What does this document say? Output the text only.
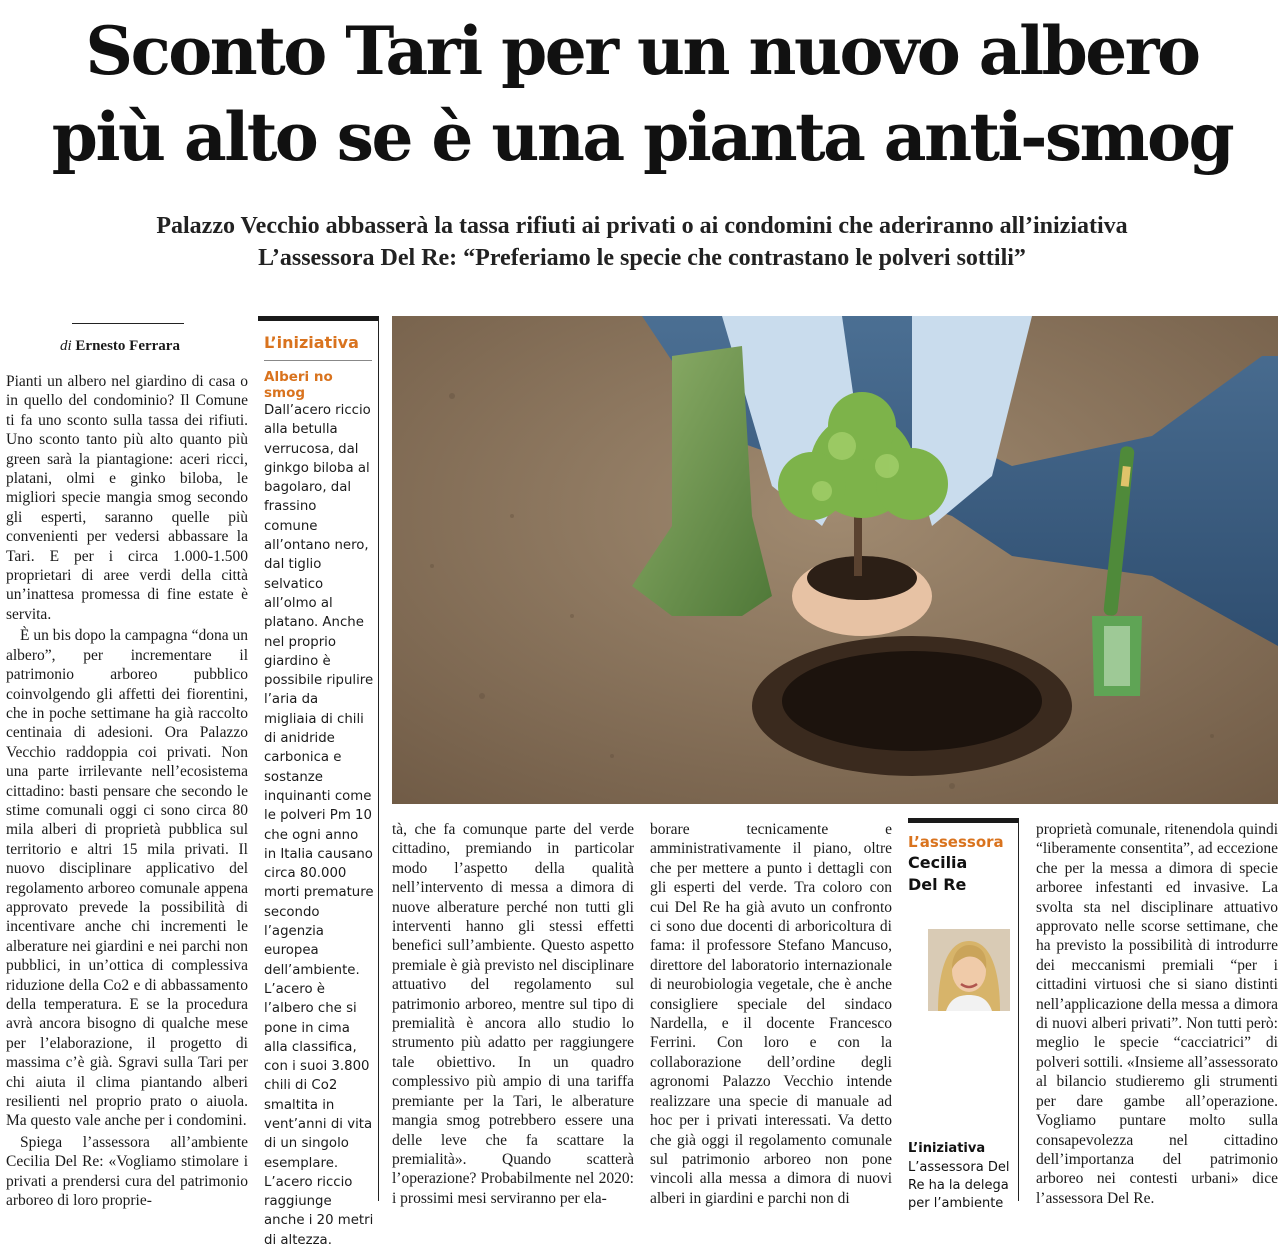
Sconto Tari per un nuovo albero
più alto se è una pianta anti-smog
Palazzo Vecchio abbasserà la tassa rifiuti ai privati o ai condomini che aderiranno all’iniziativa
L’assessora Del Re: “Preferiamo le specie che contrastano le polveri sottili”
di Ernesto Ferrara

Pianti un albero nel giardino di casa o in quello del condominio? Il Comune ti fa uno sconto sulla tassa dei rifiuti. Uno sconto tanto più alto quanto più green sarà la piantagione: aceri ricci, platani, olmi e ginko biloba, le migliori specie mangia smog secondo gli esperti, saranno quelle più convenienti per vedersi abbassare la Tari. E per i circa 1.000-1.500 proprietari di aree verdi della città un’inattesa promessa di fine estate è servita.

È un bis dopo la campagna “dona un albero”, per incrementare il patrimonio arboreo pubblico coinvolgendo gli affetti dei fiorentini, che in poche settimane ha già raccolto centinaia di adesioni. Ora Palazzo Vecchio raddoppia coi privati. Non una parte irrilevante nell’ecosistema cittadino: basti pensare che secondo le stime comunali oggi ci sono circa 80 mila alberi di proprietà pubblica sul territorio e altri 15 mila privati. Il nuovo disciplinare applicativo del regolamento arboreo comunale appena approvato prevede la possibilità di incentivare anche chi incrementi le alberature nei giardini e nei parchi non pubblici, in un’ottica di complessiva riduzione della Co2 e di abbassamento della temperatura. E se la procedura avrà ancora bisogno di qualche mese per l’elaborazione, il progetto di massima c’è già. Sgravi sulla Tari per chi aiuta il clima piantando alberi resilienti nel proprio prato o aiuola. Ma questo vale anche per i condomini.

Spiega l’assessora all’ambiente Cecilia Del Re: «Vogliamo stimolare i privati a prendersi cura del patrimonio arboreo di loro proprie-

L’iniziativa
Alberi no smog
Dall’acero riccio alla betulla verrucosa, dal ginkgo biloba al bagolaro, dal frassino comune all’ontano nero, dal tiglio selvatico all’olmo al platano. Anche nel proprio giardino è possibile ripulire l’aria da migliaia di chili di anidride carbonica e sostanze inquinanti come le polveri Pm 10 che ogni anno in Italia causano circa 80.000 morti premature secondo l’agenzia europea dell’ambiente. L’acero è l’albero che si pone in cima alla classifica, con i suoi 3.800 chili di Co2 smaltita in vent’anni di vita di un singolo esemplare. L’acero riccio raggiunge anche i 20 metri di altezza.

tà, che fa comunque parte del verde cittadino, premiando in particolar modo l’aspetto della qualità nell’intervento di messa a dimora di nuove alberature perché non tutti gli interventi hanno gli stessi effetti benefici sull’ambiente. Questo aspetto premiale è già previsto nel disciplinare attuativo del regolamento sul patrimonio arboreo, mentre sul tipo di premialità è ancora allo studio lo strumento più adatto per raggiungere tale obiettivo. In un quadro complessivo più ampio di una tariffa premiante per la Tari, le alberature mangia smog potrebbero essere una delle leve che fa scattare la premialità». Quando scatterà l’operazione? Probabilmente nel 2020: i prossimi mesi serviranno per ela-

borare tecnicamente e amministrativamente il piano, oltre che per mettere a punto i dettagli con gli esperti del verde. Tra coloro con cui Del Re ha già avuto un confronto ci sono due docenti di arboricoltura di fama: il professore Stefano Mancuso, direttore del laboratorio internazionale di neurobiologia vegetale, che è anche consigliere speciale del sindaco Nardella, e il docente Francesco Ferrini. Con loro e con la collaborazione dell’ordine degli agronomi Palazzo Vecchio intende realizzare una specie di manuale ad hoc per i privati interessati. Va detto che già oggi il regolamento comunale sul patrimonio arboreo non pone vincoli alla messa a dimora di nuovi alberi in giardini e parchi non di

L’assessora
Cecilia
Del Re
L’iniziativa
L’assessora Del Re ha la delega per l’ambiente

proprietà comunale, ritenendola quindi “liberamente consentita”, ad eccezione che per la messa a dimora di specie arboree infestanti ed invasive. La svolta sta nel disciplinare attuativo approvato nelle scorse settimane, che ha previsto la possibilità di introdurre dei meccanismi premiali “per i cittadini virtuosi che si siano distinti nell’applicazione della messa a dimora di nuovi alberi privati”. Non tutti però: meglio le specie “cacciatrici” di polveri sottili. «Insieme all’assessorato al bilancio studieremo gli strumenti per dare gambe all’operazione. Vogliamo puntare molto sulla consapevolezza nel cittadino dell’importanza del patrimonio arboreo nei contesti urbani» dice l’assessora Del Re.
